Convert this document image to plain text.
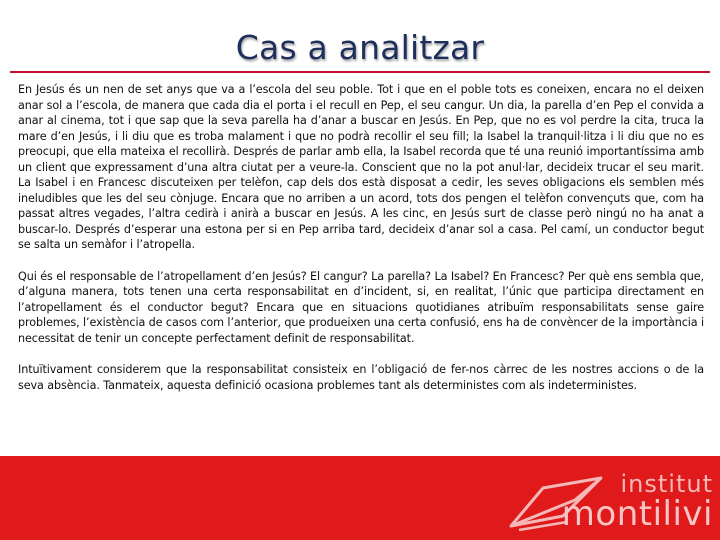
Cas a analitzar

En Jesús és un nen de set anys que va a l’escola del seu poble. Tot i que en el poble tots es coneixen, encara no el deixen anar sol a l’escola, de manera que cada dia el porta i el recull en Pep, el seu cangur. Un dia, la parella d’en Pep el convida a anar al cinema, tot i que sap que la seva parella ha d’anar a buscar en Jesús. En Pep, que no es vol perdre la cita, truca la mare d’en Jesús, i li diu que es troba malament i que no podrà recollir el seu fill; la Isabel la tranquil·litza i li diu que no es preocupi, que ella mateixa el recollirà. Després de parlar amb ella, la Isabel recorda que té una reunió importantíssima amb un client que expressament d’una altra ciutat per a veure-la. Conscient que no la pot anul·lar, decideix trucar el seu marit. La Isabel i en Francesc discuteixen per telèfon, cap dels dos està disposat a cedir, les seves obligacions els semblen més ineludibles que les del seu cònjuge. Encara que no arriben a un acord, tots dos pengen el telèfon convençuts que, com ha passat altres vegades, l’altra cedirà i anirà a buscar en Jesús. A les cinc, en Jesús surt de classe però ningú no ha anat a buscar-lo. Després d’esperar una estona per si en Pep arriba tard, decideix d’anar sol a casa. Pel camí, un conductor begut se salta un semàfor i l’atropella.

Qui és el responsable de l’atropellament d’en Jesús? El cangur? La parella? La Isabel? En Francesc? Per què ens sembla que, d’alguna manera, tots tenen una certa responsabilitat en d’incident, si, en realitat, l’únic que participa directament en l’atropellament és el conductor begut? Encara que en situacions quotidianes atribuïm responsabilitats sense gaire problemes, l’existència de casos com l’anterior, que produeixen una certa confusió, ens ha de convèncer de la importància i necessitat de tenir un concepte perfectament definit de responsabilitat.

Intuïtivament considerem que la responsabilitat consisteix en l’obligació de fer-nos càrrec de les nostres accions o de la seva absència. Tanmateix, aquesta definició ocasiona problemes tant als deterministes com als indeterministes.

institut
montilivi
